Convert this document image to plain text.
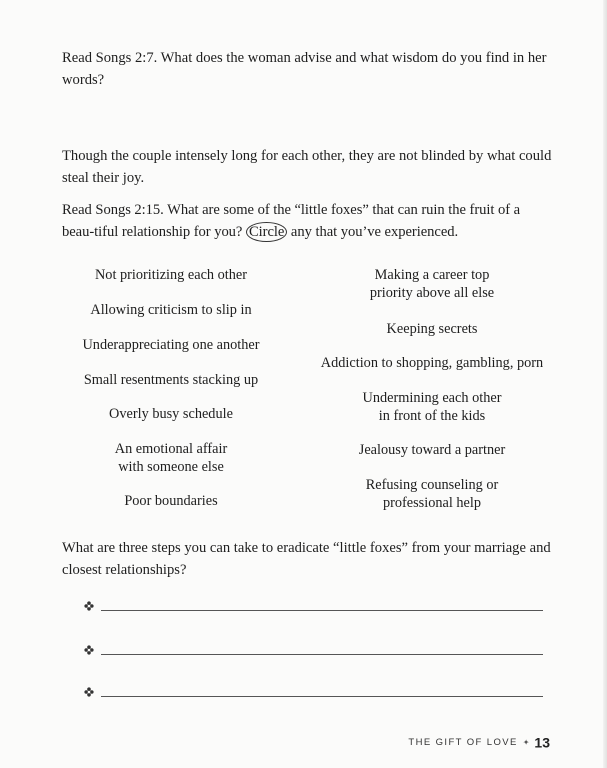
Read Songs 2:7. What does the woman advise and what wisdom do you find in her words?

Though the couple intensely long for each other, they are not blinded by what could steal their joy.

Read Songs 2:15. What are some of the “little foxes” that can ruin the fruit of a beau-tiful relationship for you? Circle any that you’ve experienced.

Not prioritizing each other
Allowing criticism to slip in
Underappreciating one another
Small resentments stacking up
Overly busy schedule
An emotional affair
with someone else
Poor boundaries
Making a career top
priority above all else
Keeping secrets
Addiction to shopping, gambling, porn
Undermining each other
in front of the kids
Jealousy toward a partner
Refusing counseling or
professional help

What are three steps you can take to eradicate “little foxes” from your marriage and closest relationships?

THE GIFT OF LOVE ✦ 13
